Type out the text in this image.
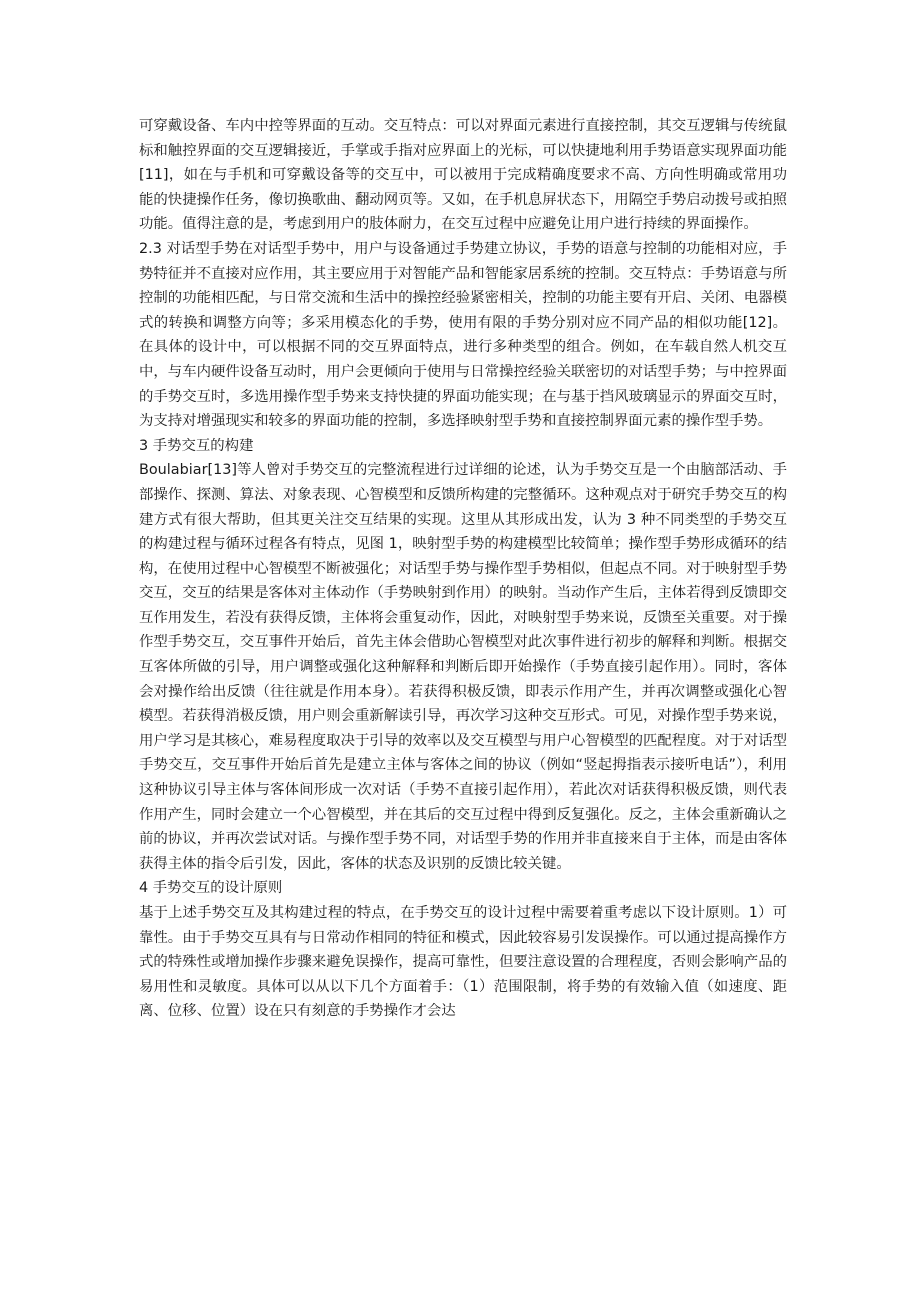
可穿戴设备、车内中控等界面的互动。交互特点：可以对界面元素进行直接控制，其交互逻辑与传统鼠标和触控界面的交互逻辑接近，手掌或手指对应界面上的光标，可以快捷地利用手势语意实现界面功能[11]，如在与手机和可穿戴设备等的交互中，可以被用于完成精确度要求不高、方向性明确或常用功能的快捷操作任务，像切换歌曲、翻动网页等。又如，在手机息屏状态下，用隔空手势启动拨号或拍照功能。值得注意的是，考虑到用户的肢体耐力，在交互过程中应避免让用户进行持续的界面操作。

2.3 对话型手势在对话型手势中，用户与设备通过手势建立协议，手势的语意与控制的功能相对应，手势特征并不直接对应作用，其主要应用于对智能产品和智能家居系统的控制。交互特点：手势语意与所控制的功能相匹配，与日常交流和生活中的操控经验紧密相关，控制的功能主要有开启、关闭、电器模式的转换和调整方向等；多采用模态化的手势，使用有限的手势分别对应不同产品的相似功能[12]。在具体的设计中，可以根据不同的交互界面特点，进行多种类型的组合。例如，在车载自然人机交互中，与车内硬件设备互动时，用户会更倾向于使用与日常操控经验关联密切的对话型手势；与中控界面的手势交互时，多选用操作型手势来支持快捷的界面功能实现；在与基于挡风玻璃显示的界面交互时，为支持对增强现实和较多的界面功能的控制，多选择映射型手势和直接控制界面元素的操作型手势。

3 手势交互的构建

Boulabiar[13]等人曾对手势交互的完整流程进行过详细的论述，认为手势交互是一个由脑部活动、手部操作、探测、算法、对象表现、心智模型和反馈所构建的完整循环。这种观点对于研究手势交互的构建方式有很大帮助，但其更关注交互结果的实现。这里从其形成出发，认为 3 种不同类型的手势交互的构建过程与循环过程各有特点，见图 1，映射型手势的构建模型比较简单；操作型手势形成循环的结构，在使用过程中心智模型不断被强化；对话型手势与操作型手势相似，但起点不同。对于映射型手势交互，交互的结果是客体对主体动作（手势映射到作用）的映射。当动作产生后，主体若得到反馈即交互作用发生，若没有获得反馈，主体将会重复动作，因此，对映射型手势来说，反馈至关重要。对于操作型手势交互，交互事件开始后，首先主体会借助心智模型对此次事件进行初步的解释和判断。根据交互客体所做的引导，用户调整或强化这种解释和判断后即开始操作（手势直接引起作用）。同时，客体会对操作给出反馈（往往就是作用本身）。若获得积极反馈，即表示作用产生，并再次调整或强化心智模型。若获得消极反馈，用户则会重新解读引导，再次学习这种交互形式。可见，对操作型手势来说，用户学习是其核心，难易程度取决于引导的效率以及交互模型与用户心智模型的匹配程度。对于对话型手势交互，交互事件开始后首先是建立主体与客体之间的协议（例如“竖起拇指表示接听电话”），利用这种协议引导主体与客体间形成一次对话（手势不直接引起作用），若此次对话获得积极反馈，则代表作用产生，同时会建立一个心智模型，并在其后的交互过程中得到反复强化。反之，主体会重新确认之前的协议，并再次尝试对话。与操作型手势不同，对话型手势的作用并非直接来自于主体，而是由客体获得主体的指令后引发，因此，客体的状态及识别的反馈比较关键。

4 手势交互的设计原则

基于上述手势交互及其构建过程的特点，在手势交互的设计过程中需要着重考虑以下设计原则。1）可靠性。由于手势交互具有与日常动作相同的特征和模式，因此较容易引发误操作。可以通过提高操作方式的特殊性或增加操作步骤来避免误操作，提高可靠性，但要注意设置的合理程度，否则会影响产品的易用性和灵敏度。具体可以从以下几个方面着手：（1）范围限制，将手势的有效输入值（如速度、距离、位移、位置）设在只有刻意的手势操作才会达
